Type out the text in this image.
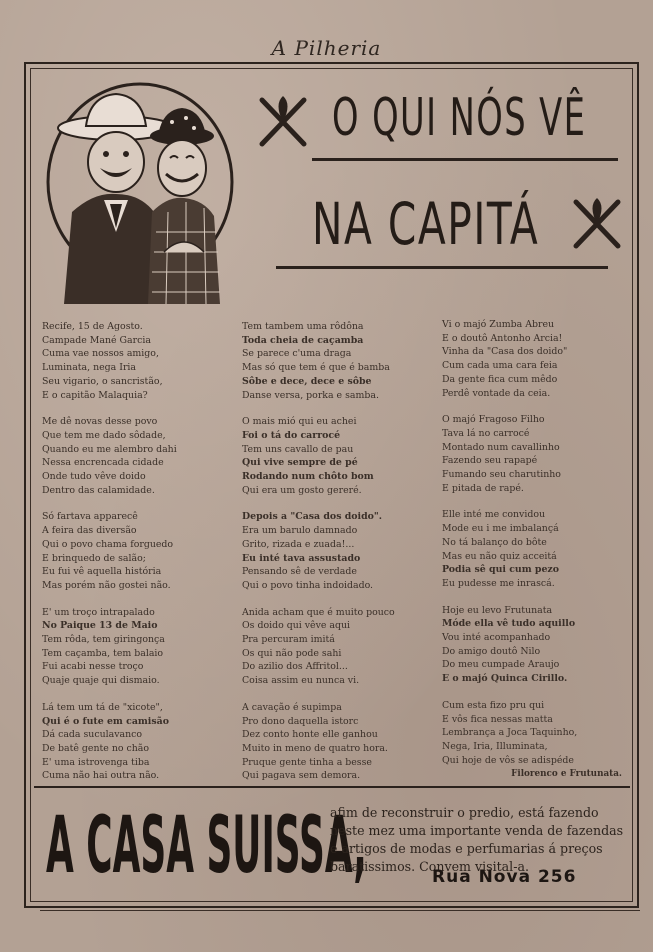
A Pilheria
O QUI NÓS VÊ
NA CAPITÁ
Recife, 15 de Agosto.
Campade Mané Garcia
Cuma vae nossos amigo,
Luminata, nega Iria
Seu vigario, o sancristão,
E o capitão Malaquia?
Me dê novas desse povo
Que tem me dado sôdade,
Quando eu me alembro dahi
Nessa encrencada cidade
Onde tudo vêve doido
Dentro das calamidade.
Só fartava apparecê
A feira das diversão
Qui o povo chama forguedo
E brinquedo de salão;
Eu fui vê aquella história
Mas porém não gostei não.
E' um troço intrapalado
No Paique 13 de Maio
Tem rôda, tem giringonça
Tem caçamba, tem balaio
Fui acabi nesse troço
Quaje quaje qui dismaio.
Lá tem um tá de "xicote",
Qui é o fute em camisão
Dá cada suculavanco
De batê gente no chão
E' uma istrovenga tiba
Cuma não hai outra não.
Tem tambem uma rôdôna
Toda cheia de caçamba
Se parece c'uma draga
Mas só que tem é que é bamba
Sôbe e dece, dece e sôbe
Danse versa, porka e samba.
O mais mió qui eu achei
Foi o tá do carrocé
Tem uns cavallo de pau
Qui vive sempre de pé
Rodando num chôto bom
Qui era um gosto gereré.
Depois a "Casa dos doido".
Era um barulo damnado
Grito, rizada e zuada!...
Eu inté tava assustado
Pensando sê de verdade
Qui o povo tinha indoidado.
Anida acham que é muito pouco
Os doido qui vêve aqui
Pra percuram imitá
Os qui não pode sahi
Do azilio dos Affritol...
Coisa assim eu nunca vi.
A cavação é supimpa
Pro dono daquella istorc
Dez conto honte elle ganhou
Muito in meno de quatro hora.
Pruque gente tinha a besse
Qui pagava sem demora.
Vi o majó Zumba Abreu
E o doutô Antonho Arcia!
Vinha da "Casa dos doido"
Cum cada uma cara feia
Da gente fica cum mêdo
Perdê vontade da ceia.
O majó Fragoso Filho
Tava lá no carrocé
Montado num cavallinho
Fazendo seu rapapé
Fumando seu charutinho
E pitada de rapé.
Elle inté me convidou
Mode eu i me imbalançá
No tá balanço do bôte
Mas eu não quiz acceitá
Podia sê qui cum pezo
Eu pudesse me inrascá.
Hoje eu levo Frutunata
Móde ella vê tudo aquillo
Vou inté acompanhado
Do amigo doutô Nilo
Do meu cumpade Araujo
E o majó Quinca Cirillo.
Cum esta fizo pru qui
E vôs fica nessas matta
Lembrança a Joca Taquinho,
Nega, Iria, Illuminata,
Qui hoje de vôs se adispéde
Filorenco e Frutunata.
A CASA SUISSA,
afim de reconstruir o predio, está fazendo neste mez uma importante venda de fazendas e artigos de modas e perfumarias á preços baratissimos. Convem visital-a.
Rua Nova 256
